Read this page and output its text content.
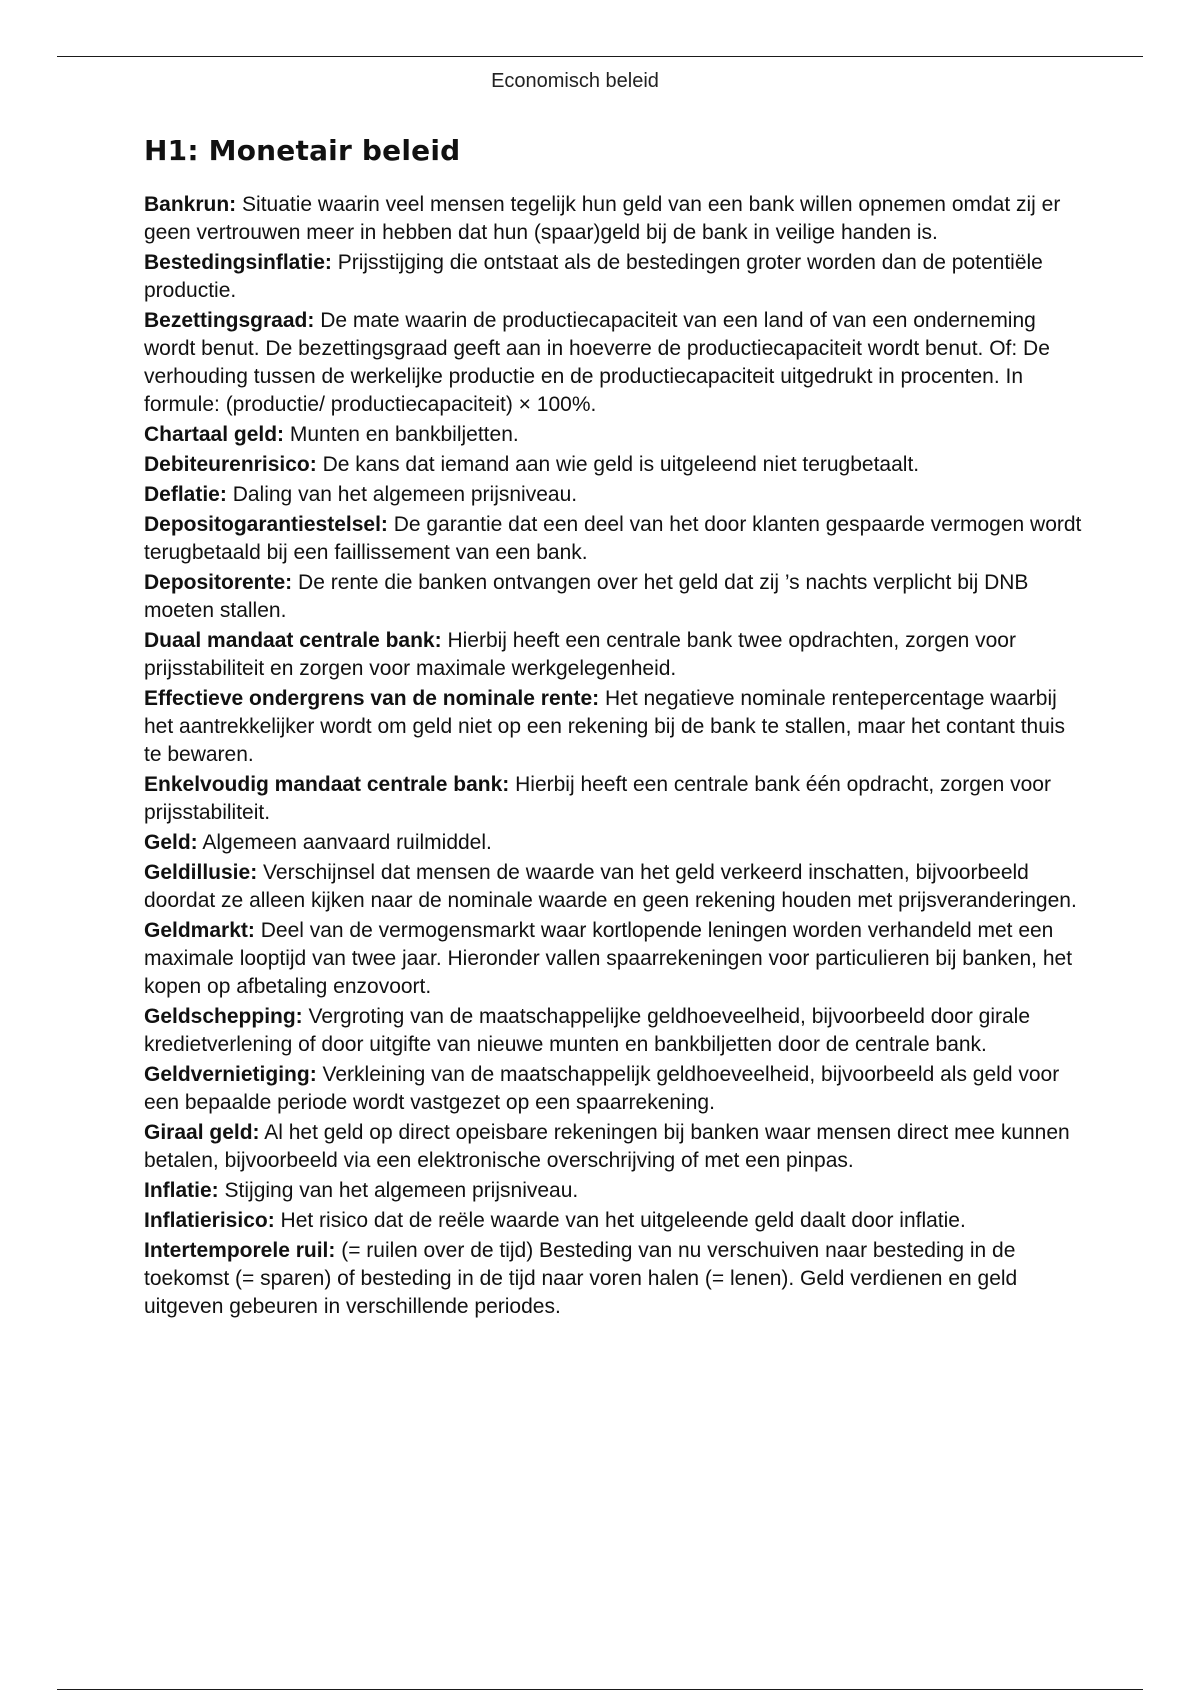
Economisch beleid
H1: Monetair beleid
Bankrun: Situatie waarin veel mensen tegelijk hun geld van een bank willen opnemen omdat zij er geen vertrouwen meer in hebben dat hun (spaar)geld bij de bank in veilige handen is.
Bestedingsinflatie: Prijsstijging die ontstaat als de bestedingen groter worden dan de potentiële productie.
Bezettingsgraad: De mate waarin de productiecapaciteit van een land of van een onderneming wordt benut. De bezettingsgraad geeft aan in hoeverre de productiecapaciteit wordt benut. Of: De verhouding tussen de werkelijke productie en de productiecapaciteit uitgedrukt in procenten. In formule: (productie/ productiecapaciteit) × 100%.
Chartaal geld: Munten en bankbiljetten.
Debiteurenrisico: De kans dat iemand aan wie geld is uitgeleend niet terugbetaalt.
Deflatie: Daling van het algemeen prijsniveau.
Depositogarantiestelsel: De garantie dat een deel van het door klanten gespaarde vermogen wordt terugbetaald bij een faillissement van een bank.
Depositorente: De rente die banken ontvangen over het geld dat zij ’s nachts verplicht bij DNB moeten stallen.
Duaal mandaat centrale bank: Hierbij heeft een centrale bank twee opdrachten, zorgen voor prijsstabiliteit en zorgen voor maximale werkgelegenheid.
Effectieve ondergrens van de nominale rente: Het negatieve nominale rentepercentage waarbij het aantrekkelijker wordt om geld niet op een rekening bij de bank te stallen, maar het contant thuis te bewaren.
Enkelvoudig mandaat centrale bank: Hierbij heeft een centrale bank één opdracht, zorgen voor prijsstabiliteit.
Geld: Algemeen aanvaard ruilmiddel.
Geldillusie: Verschijnsel dat mensen de waarde van het geld verkeerd inschatten, bijvoorbeeld doordat ze alleen kijken naar de nominale waarde en geen rekening houden met prijsveranderingen.
Geldmarkt: Deel van de vermogensmarkt waar kortlopende leningen worden verhandeld met een maximale looptijd van twee jaar. Hieronder vallen spaarrekeningen voor particulieren bij banken, het kopen op afbetaling enzovoort.
Geldschepping: Vergroting van de maatschappelijke geldhoeveelheid, bijvoorbeeld door girale kredietverlening of door uitgifte van nieuwe munten en bankbiljetten door de centrale bank.
Geldvernietiging: Verkleining van de maatschappelijk geldhoeveelheid, bijvoorbeeld als geld voor een bepaalde periode wordt vastgezet op een spaarrekening.
Giraal geld: Al het geld op direct opeisbare rekeningen bij banken waar mensen direct mee kunnen betalen, bijvoorbeeld via een elektronische overschrijving of met een pinpas.
Inflatie: Stijging van het algemeen prijsniveau.
Inflatierisico: Het risico dat de reële waarde van het uitgeleende geld daalt door inflatie.
Intertemporele ruil: (= ruilen over de tijd) Besteding van nu verschuiven naar besteding in de toekomst (= sparen) of besteding in de tijd naar voren halen (= lenen). Geld verdienen en geld uitgeven gebeuren in verschillende periodes.
